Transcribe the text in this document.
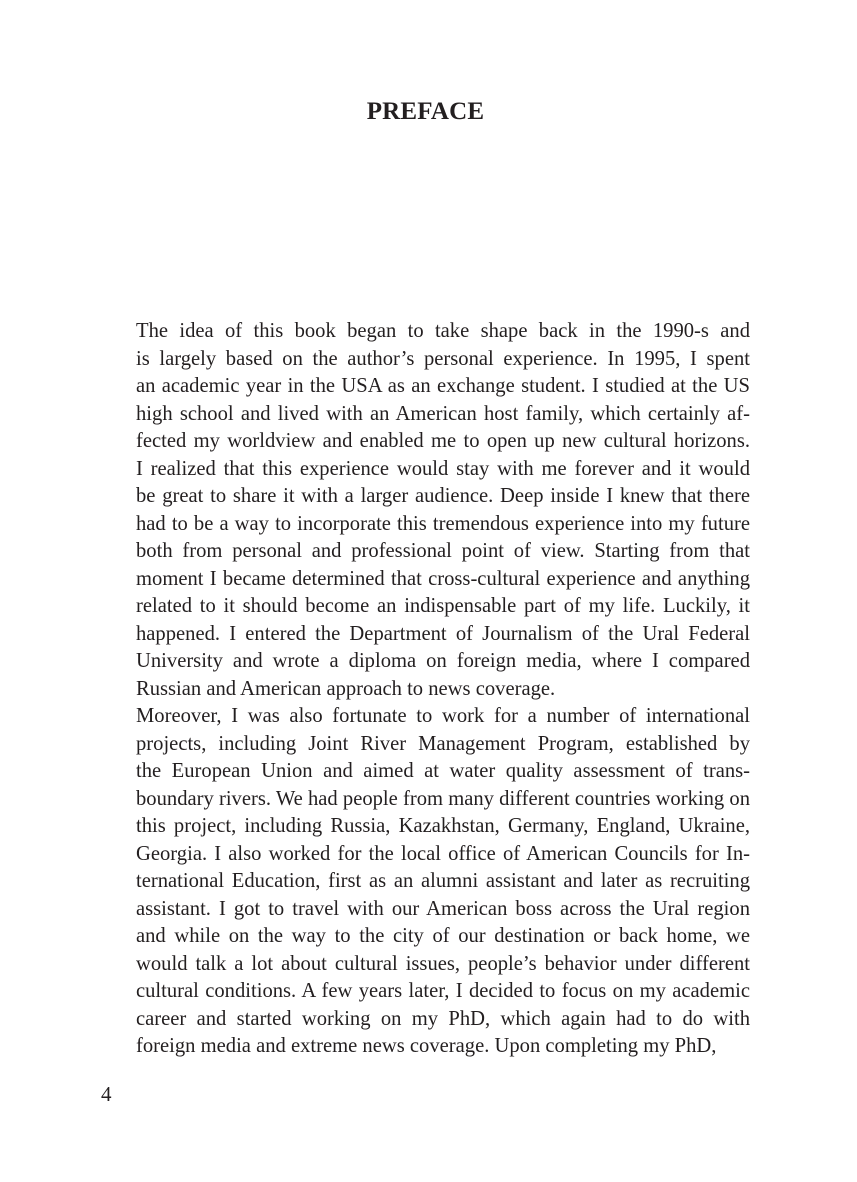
PREFACE

The idea of this book began to take shape back in the 1990-s and
is largely based on the author’s personal experience. In 1995, I spent
an academic year in the USA as an exchange student. I studied at the US
high school and lived with an American host family, which certainly af-
fected my worldview and enabled me to open up new cultural horizons.
I realized that this experience would stay with me forever and it would
be great to share it with a larger audience. Deep inside I knew that there
had to be a way to incorporate this tremendous experience into my future
both from personal and professional point of view. Starting from that
moment I became determined that cross-cultural experience and anything
related to it should become an indispensable part of my life. Luckily, it
happened. I entered the Department of Journalism of the Ural Federal
University and wrote a diploma on foreign media, where I compared
Russian and American approach to news coverage.

Moreover, I was also fortunate to work for a number of international
projects, including Joint River Management Program, established by
the European Union and aimed at water quality assessment of trans-
boundary rivers. We had people from many different countries working on
this project, including Russia, Kazakhstan, Germany, England, Ukraine,
Georgia. I also worked for the local office of American Councils for In-
ternational Education, first as an alumni assistant and later as recruiting
assistant. I got to travel with our American boss across the Ural region
and while on the way to the city of our destination or back home, we
would talk a lot about cultural issues, people’s behavior under different
cultural conditions. A few years later, I decided to focus on my academic
career and started working on my PhD, which again had to do with
foreign media and extreme news coverage. Upon completing my PhD,

4
